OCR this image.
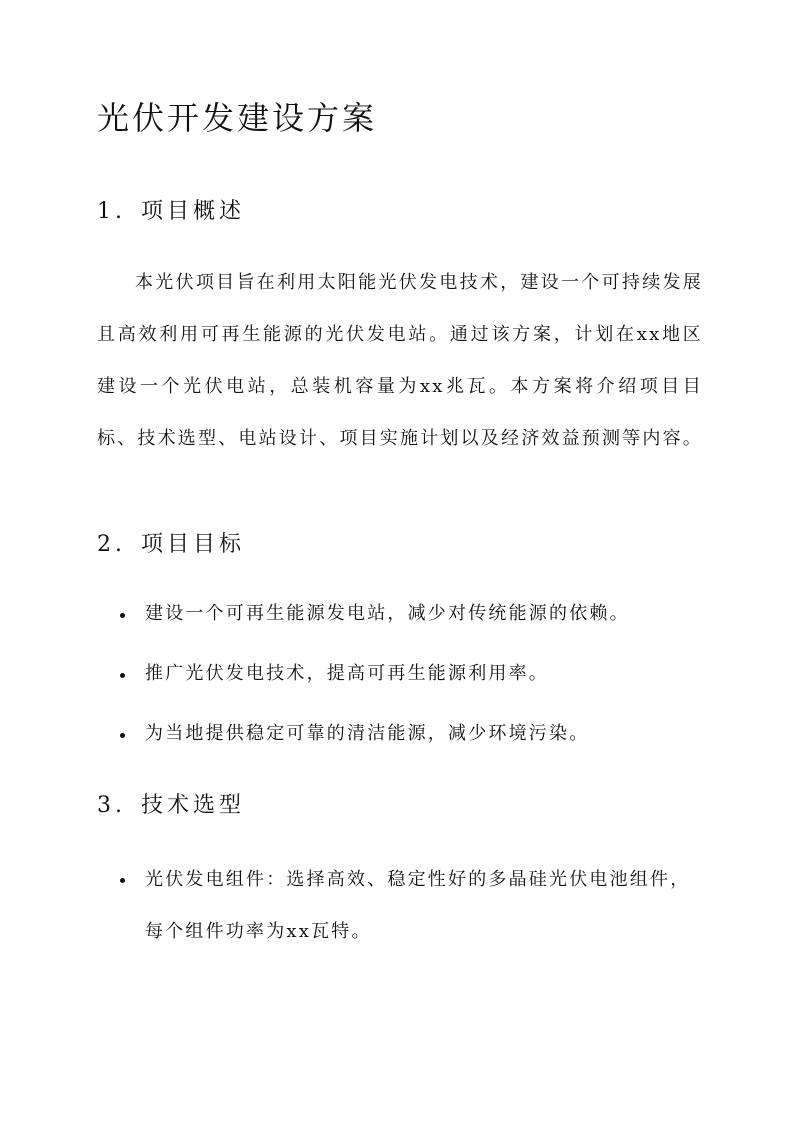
光伏开发建设方案
1. 项目概述

本光伏项目旨在利用太阳能光伏发电技术，建设一个可持续发展且高效利用可再生能源的光伏发电站。通过该方案，计划在xx地区建设一个光伏电站，总装机容量为xx兆瓦。本方案将介绍项目目标、技术选型、电站设计、项目实施计划以及经济效益预测等内容。

2. 项目目标
建设一个可再生能源发电站，减少对传统能源的依赖。
推广光伏发电技术，提高可再生能源利用率。
为当地提供稳定可靠的清洁能源，减少环境污染。
3. 技术选型
光伏发电组件：选择高效、稳定性好的多晶硅光伏电池组件，每个组件功率为xx瓦特。
